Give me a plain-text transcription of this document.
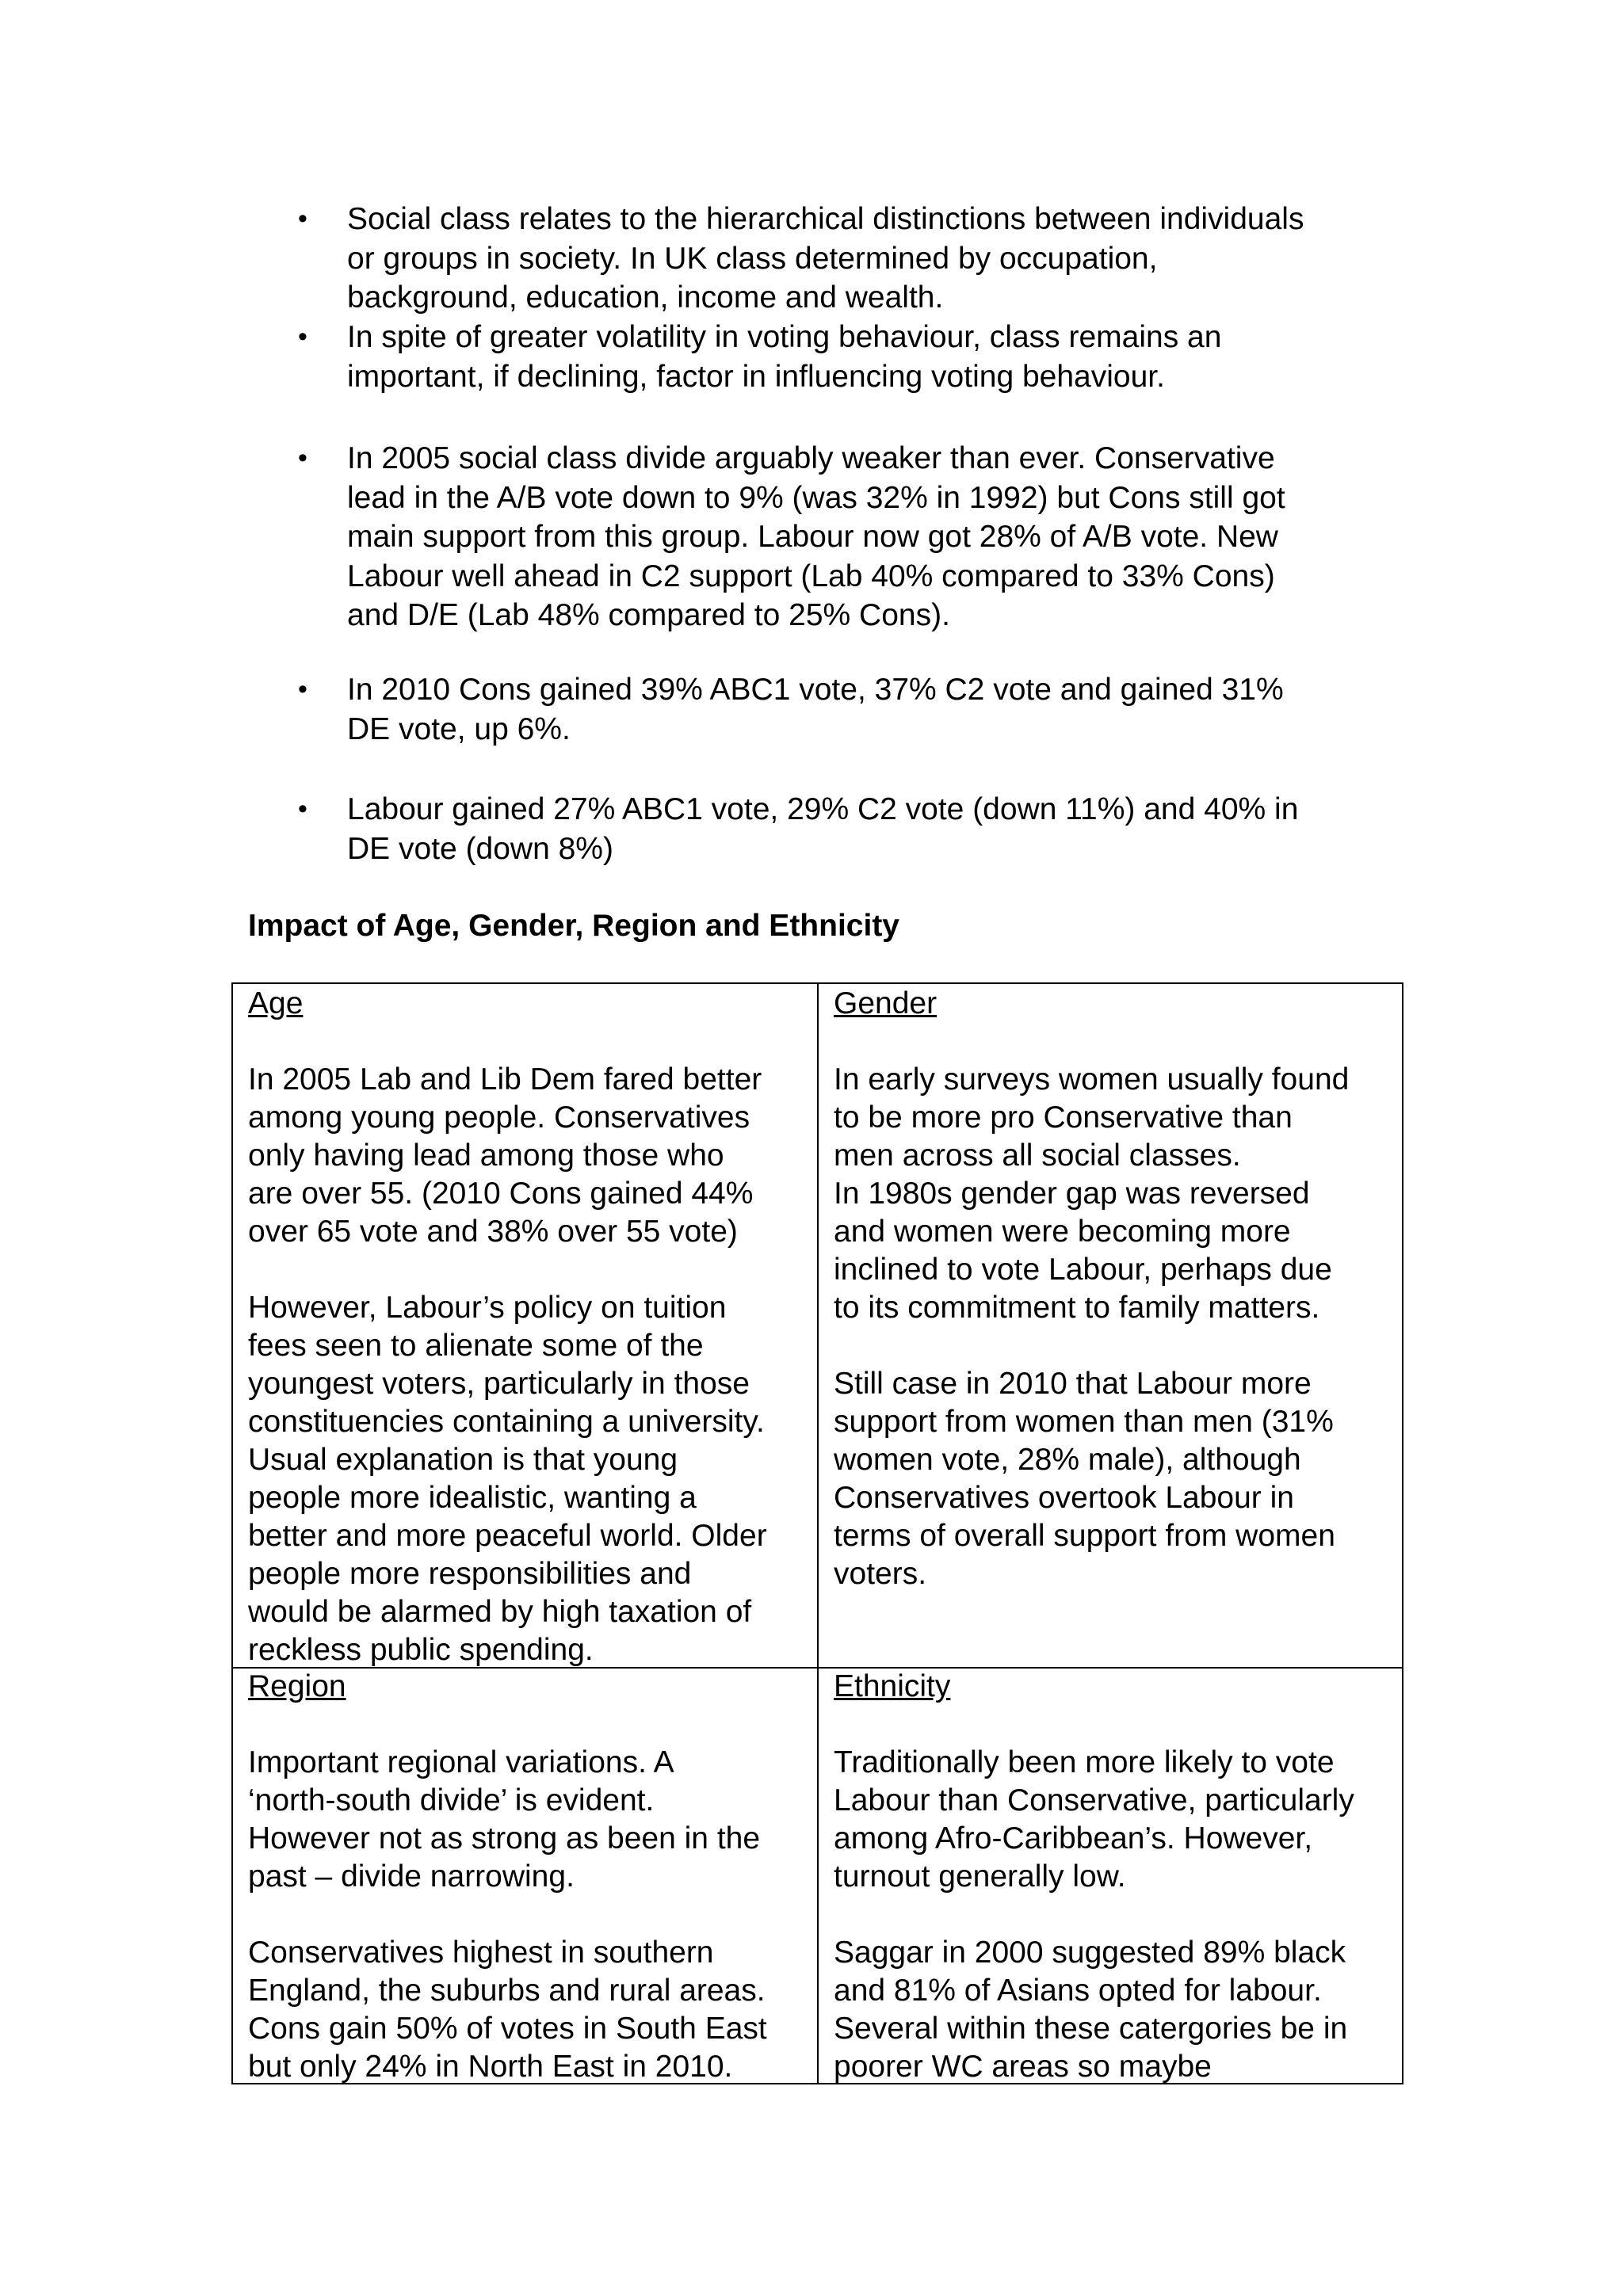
• Social class relates to the hierarchical distinctions between individuals
or groups in society. In UK class determined by occupation,
background, education, income and wealth.
• In spite of greater volatility in voting behaviour, class remains an
important, if declining, factor in influencing voting behaviour.
• In 2005 social class divide arguably weaker than ever. Conservative
lead in the A/B vote down to 9% (was 32% in 1992) but Cons still got
main support from this group. Labour now got 28% of A/B vote. New
Labour well ahead in C2 support (Lab 40% compared to 33% Cons)
and D/E (Lab 48% compared to 25% Cons).
• In 2010 Cons gained 39% ABC1 vote, 37% C2 vote and gained 31%
DE vote, up 6%.
• Labour gained 27% ABC1 vote, 29% C2 vote (down 11%) and 40% in
DE vote (down 8%)
Impact of Age, Gender, Region and Ethnicity
Age
In 2005 Lab and Lib Dem fared better
among young people. Conservatives
only having lead among those who
are over 55. (2010 Cons gained 44%
over 65 vote and 38% over 55 vote)
However, Labour’s policy on tuition
fees seen to alienate some of the
youngest voters, particularly in those
constituencies containing a university.
Usual explanation is that young
people more idealistic, wanting a
better and more peaceful world. Older
people more responsibilities and
would be alarmed by high taxation of
reckless public spending.
Gender
In early surveys women usually found
to be more pro Conservative than
men across all social classes.
In 1980s gender gap was reversed
and women were becoming more
inclined to vote Labour, perhaps due
to its commitment to family matters.
Still case in 2010 that Labour more
support from women than men (31%
women vote, 28% male), although
Conservatives overtook Labour in
terms of overall support from women
voters.
Region
Important regional variations. A
‘north-south divide’ is evident.
However not as strong as been in the
past – divide narrowing.
Conservatives highest in southern
England, the suburbs and rural areas.
Cons gain 50% of votes in South East
but only 24% in North East in 2010.
Ethnicity
Traditionally been more likely to vote
Labour than Conservative, particularly
among Afro-Caribbean’s. However,
turnout generally low.
Saggar in 2000 suggested 89% black
and 81% of Asians opted for labour.
Several within these catergories be in
poorer WC areas so maybe
